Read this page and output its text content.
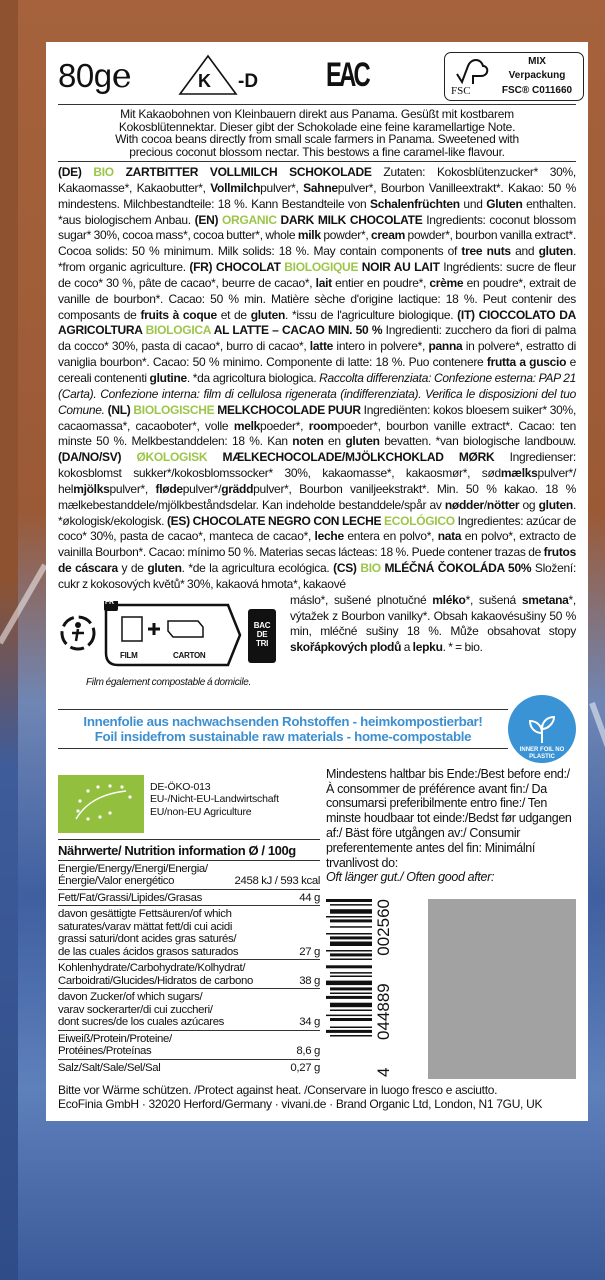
80ge	K -D EAC	FSC
MIX
Verpackung
FSC® C011660
Mit Kakaobohnen von Kleinbauern direkt aus Panama. Gesüßt mit kostbarem
Kokosblütennektar. Dieser gibt der Schokolade eine feine karamellartige Note.
With cocoa beans directly from small scale farmers in Panama. Sweetened with
precious coconut blossom nectar. This bestows a fine caramel-like flavour.
(DE) BIO ZARTBITTER VOLLMILCH SCHOKOLADE Zutaten: Kokosblütenzucker* 30%, Kakaomasse*, Kakaobutter*, Vollmilchpulver*, Sahnepulver*, Bourbon Vanilleextrakt*. Kakao: 50 % mindestens. Milchbestandteile: 18 %. Kann Bestandteile von Schalenfrüchten und Gluten enthalten. *aus biologischem Anbau. (EN) ORGANIC DARK MILK CHOCOLATE Ingredients: coconut blossom sugar* 30%, cocoa mass*, cocoa butter*, whole milk powder*, cream powder*, bourbon vanilla extract*. Cocoa solids: 50 % minimum. Milk solids: 18 %. May contain components of tree nuts and gluten. *from organic agriculture. (FR) CHOCOLAT BIOLOGIQUE NOIR AU LAIT Ingrédients: sucre de fleur de coco* 30 %, pâte de cacao*, beurre de cacao*, lait entier en poudre*, crème en poudre*, extrait de vanille de bourbon*. Cacao: 50 % min. Matière sèche d'origine lactique: 18 %. Peut contenir des composants de fruits à coque et de gluten. *issu de l'agriculture biologique. (IT) CIOCCOLATO DA AGRICOLTURA BIOLOGICA AL LATTE – CACAO MIN. 50 % Ingredienti: zucchero da fiori di palma da cocco* 30%, pasta di cacao*, burro di cacao*, latte intero in polvere*, panna in polvere*, estratto di vaniglia bourbon*. Cacao: 50 % minimo. Componente di latte: 18 %. Puo contenere frutta a guscio e cereali contenenti glutine. *da agricoltura biologica. Raccolta differenziata: Confezione esterna: PAP 21 (Carta). Confezione interna: film di cellulosa rigenerata (indifferenziata). Verifica le disposizioni del tuo Comune. (NL) BIOLOGISCHE MELKCHOCOLADE PUUR Ingrediënten: kokos bloesem suiker* 30%, cacaomassa*, cacaoboter*, volle melkpoeder*, roompoeder*, bourbon vanille extract*. Cacao: ten minste 50 %. Melkbestanddelen: 18 %. Kan noten en gluten bevatten. *van biologische landbouw. (DA/NO/SV) ØKOLOGISK MÆLKECHOCOLADE/MJÖLKCHOKLAD MØRK Ingredienser: kokosblomst sukker*/kokosblomssocker* 30%, kakaomasse*, kakaosmør*, sødmælkspulver*/ helmjölkspulver*, flødepulver*/gräddpulver*, Bourbon vaniljeekstrakt*. Min. 50 % kakao. 18 % mælkebestanddele/mjölkbeståndsdelar. Kan indeholde bestanddele/spår av nødder/nötter og gluten. *økologisk/ekologisk. (ES) CHOCOLATE NEGRO CON LECHE ECOLÓGICO Ingredientes: azúcar de coco* 30%, pasta de cacao*, manteca de cacao*, leche entera en polvo*, nata en polvo*, extracto de vainilla Bourbon*. Cacao: mínimo 50 %. Materias secas lácteas: 18 %. Puede contener trazas de frutos de cáscara y de gluten. *de la agricultura ecológica. (CS) BIO MLÉČNÁ ČOKOLÁDA 50% Složení: cukr z kokosových květů* 30%, kakaová hmota*, kakaové
FR
FILM	CARTON
BAC DE TRI
Film également compostable á domicile.
máslo*, sušené plnotučné mléko*, sušená smetana*, výtažek z Bourbon vanilky*. Obsah kakaovésušiny 50 % min, mléčné sušiny 18 %. Může obsahovat stopy skořápkových plodů a lepku. * = bio.
Innenfolie aus nachwachsenden Rohstoffen - heimkompostierbar!
Foil insidefrom sustainable raw materials - home-compostable
INNER FOIL NO PLASTIC
DE-ÖKO-013
EU-/Nicht-EU-Landwirtschaft
EU/non-EU Agriculture
Nährwerte/ Nutrition information Ø / 100g
Energie/Energy/Energi/Energia/
Énergie/Valor energético	2458 kJ / 593 kcal
Fett/Fat/Grassi/Lipides/Grasas	44 g
davon gesättigte Fettsäuren/of which
saturates/varav mättat fett/di cui acidi
grassi saturi/dont acides gras saturés/
de las cuales ácidos grasos saturados	27 g
Kohlenhydrate/Carbohydrate/Kolhydrat/
Carboidrati/Glucides/Hidratos de carbono	38 g
davon Zucker/of which sugars/
varav sockerarter/di cui zuccheri/
dont sucres/de los cuales azúcares	34 g
Eiweiß/Protein/Proteine/
Protéines/Proteínas	8,6 g
Salz/Salt/Sale/Sel/Sal	0,27 g
Mindestens haltbar bis Ende:/Best before end:/ À consommer de préférence avant fin:/ Da consumarsi preferibilmente entro fine:/ Ten minste houdbaar tot einde:/Bedst før udgangen af:/ Bäst före utgången av:/ Consumir preferentemente antes del fin: Minimální trvanlivost do:
Oft länger gut./ Often good after:
4
044889
002560
Bitte vor Wärme schützen. /Protect against heat. /Conservare in luogo fresco e asciutto.
EcoFinia GmbH · 32020 Herford/Germany · vivani.de · Brand Organic Ltd, London, N1 7GU, UK
